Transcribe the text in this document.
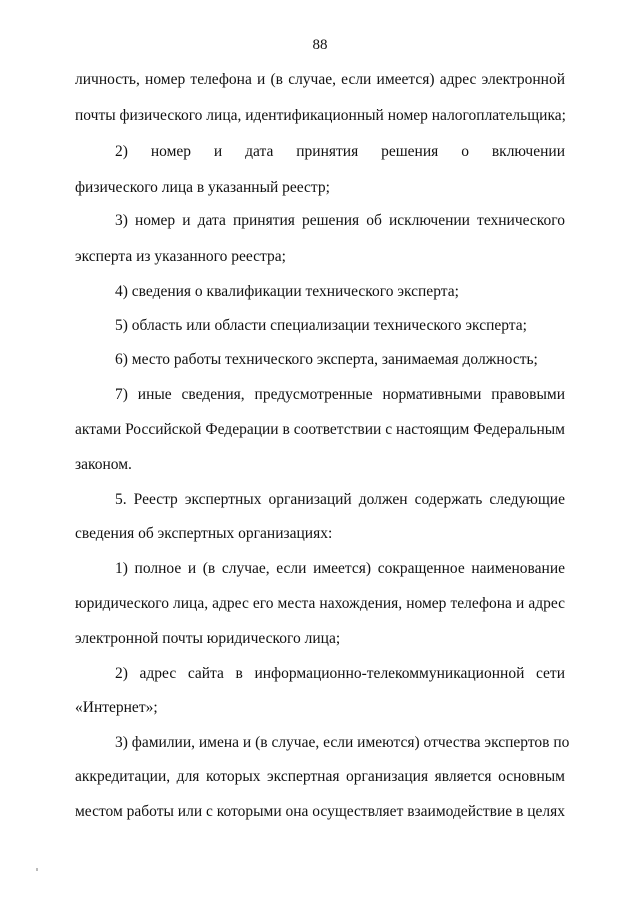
88
личность, номер телефона и (в случае, если имеется) адрес электронной
почты физического лица, идентификационный номер налогоплательщика;
2) номер и дата принятия решения о включении
физического лица в указанный реестр;
3) номер и дата принятия решения об исключении технического
эксперта из указанного реестра;
4) сведения о квалификации технического эксперта;
5) область или области специализации технического эксперта;
6) место работы технического эксперта, занимаемая должность;
7) иные сведения, предусмотренные нормативными правовыми
актами Российской Федерации в соответствии с настоящим Федеральным
законом.
5. Реестр экспертных организаций должен содержать следующие
сведения об экспертных организациях:
1) полное и (в случае, если имеется) сокращенное наименование
юридического лица, адрес его места нахождения, номер телефона и адрес
электронной почты юридического лица;
2) адрес сайта в информационно-телекоммуникационной сети
«Интернет»;
3) фамилии, имена и (в случае, если имеются) отчества экспертов по
аккредитации, для которых экспертная организация является основным
местом работы или с которыми она осуществляет взаимодействие в целях
